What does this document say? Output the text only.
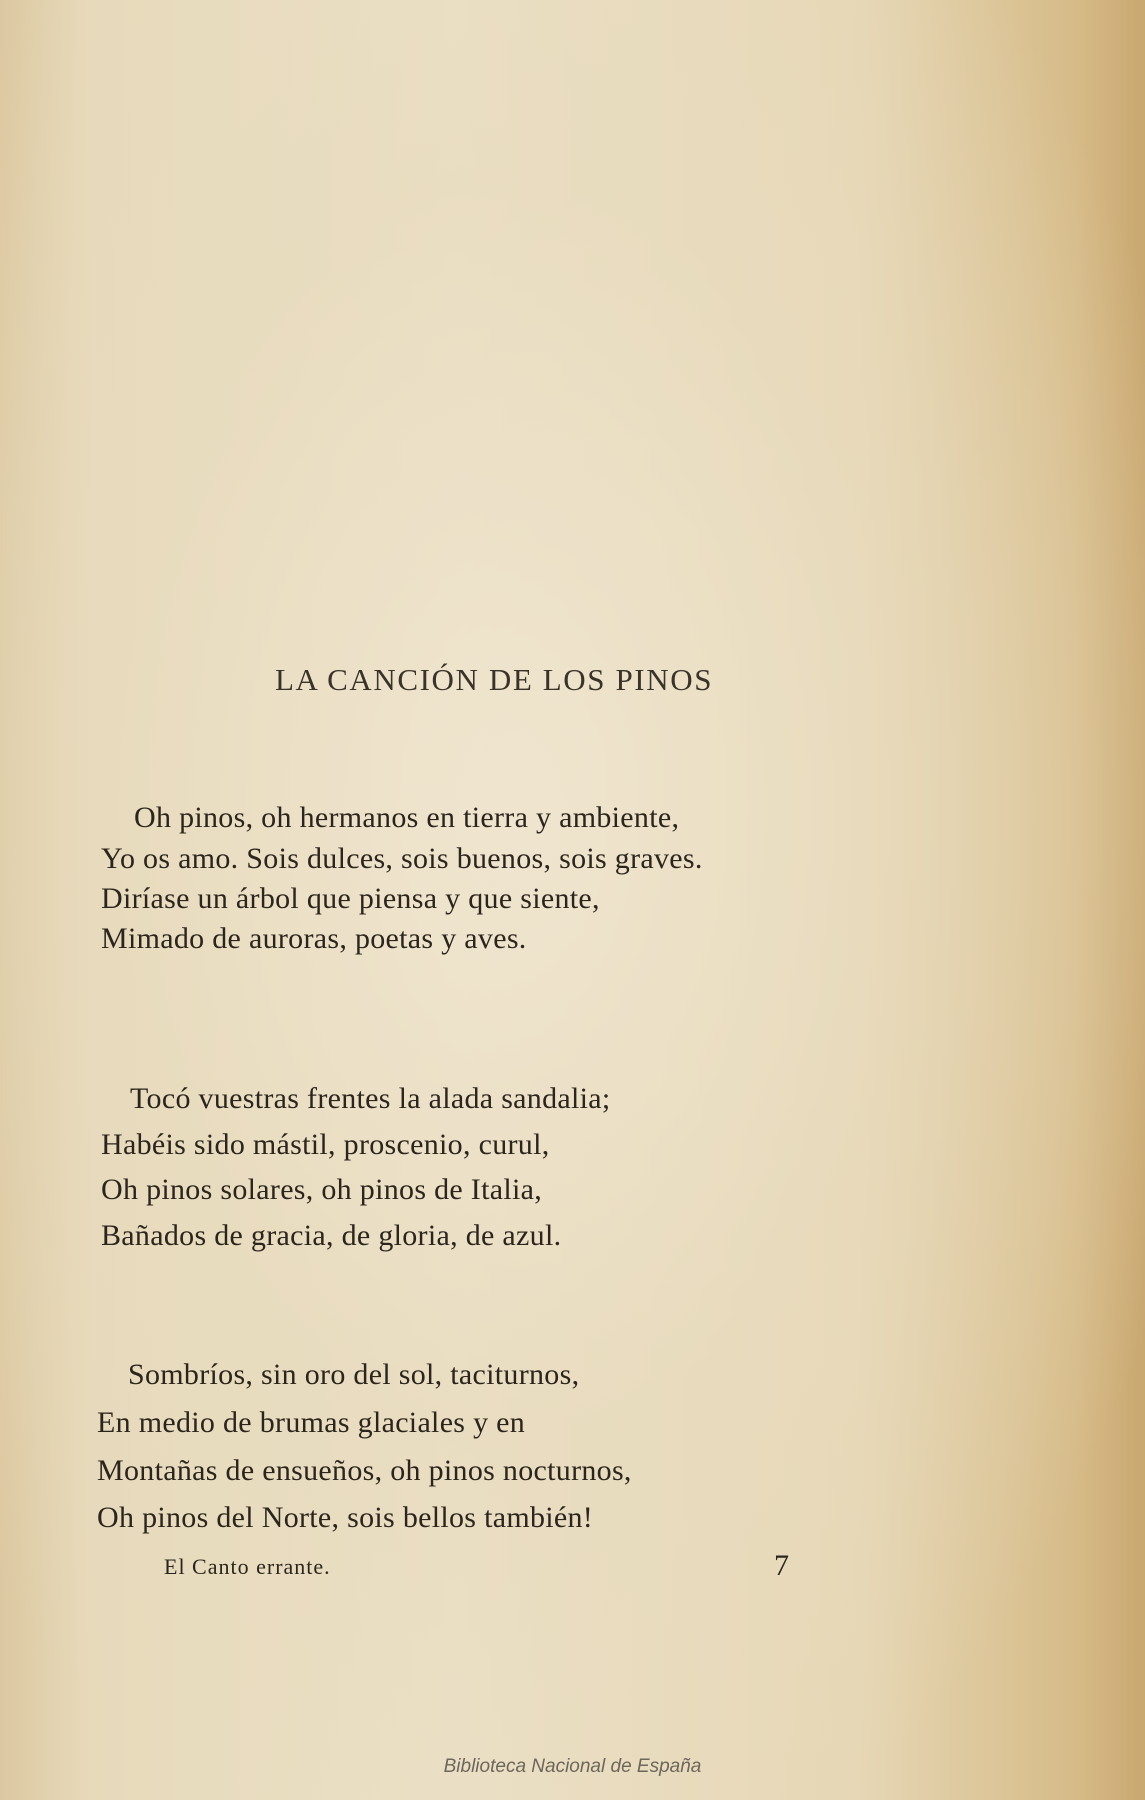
LA CANCIÓN DE LOS PINOS
Oh pinos, oh hermanos en tierra y ambiente,
Yo os amo. Sois dulces, sois buenos, sois graves.
Diríase un árbol que piensa y que siente,
Mimado de auroras, poetas y aves.
Tocó vuestras frentes la alada sandalia;
Habéis sido mástil, proscenio, curul,
Oh pinos solares, oh pinos de Italia,
Bañados de gracia, de gloria, de azul.
Sombríos, sin oro del sol, taciturnos,
En medio de brumas glaciales y en
Montañas de ensueños, oh pinos nocturnos,
Oh pinos del Norte, sois bellos también!
El Canto errante.	7
Biblioteca Nacional de España
